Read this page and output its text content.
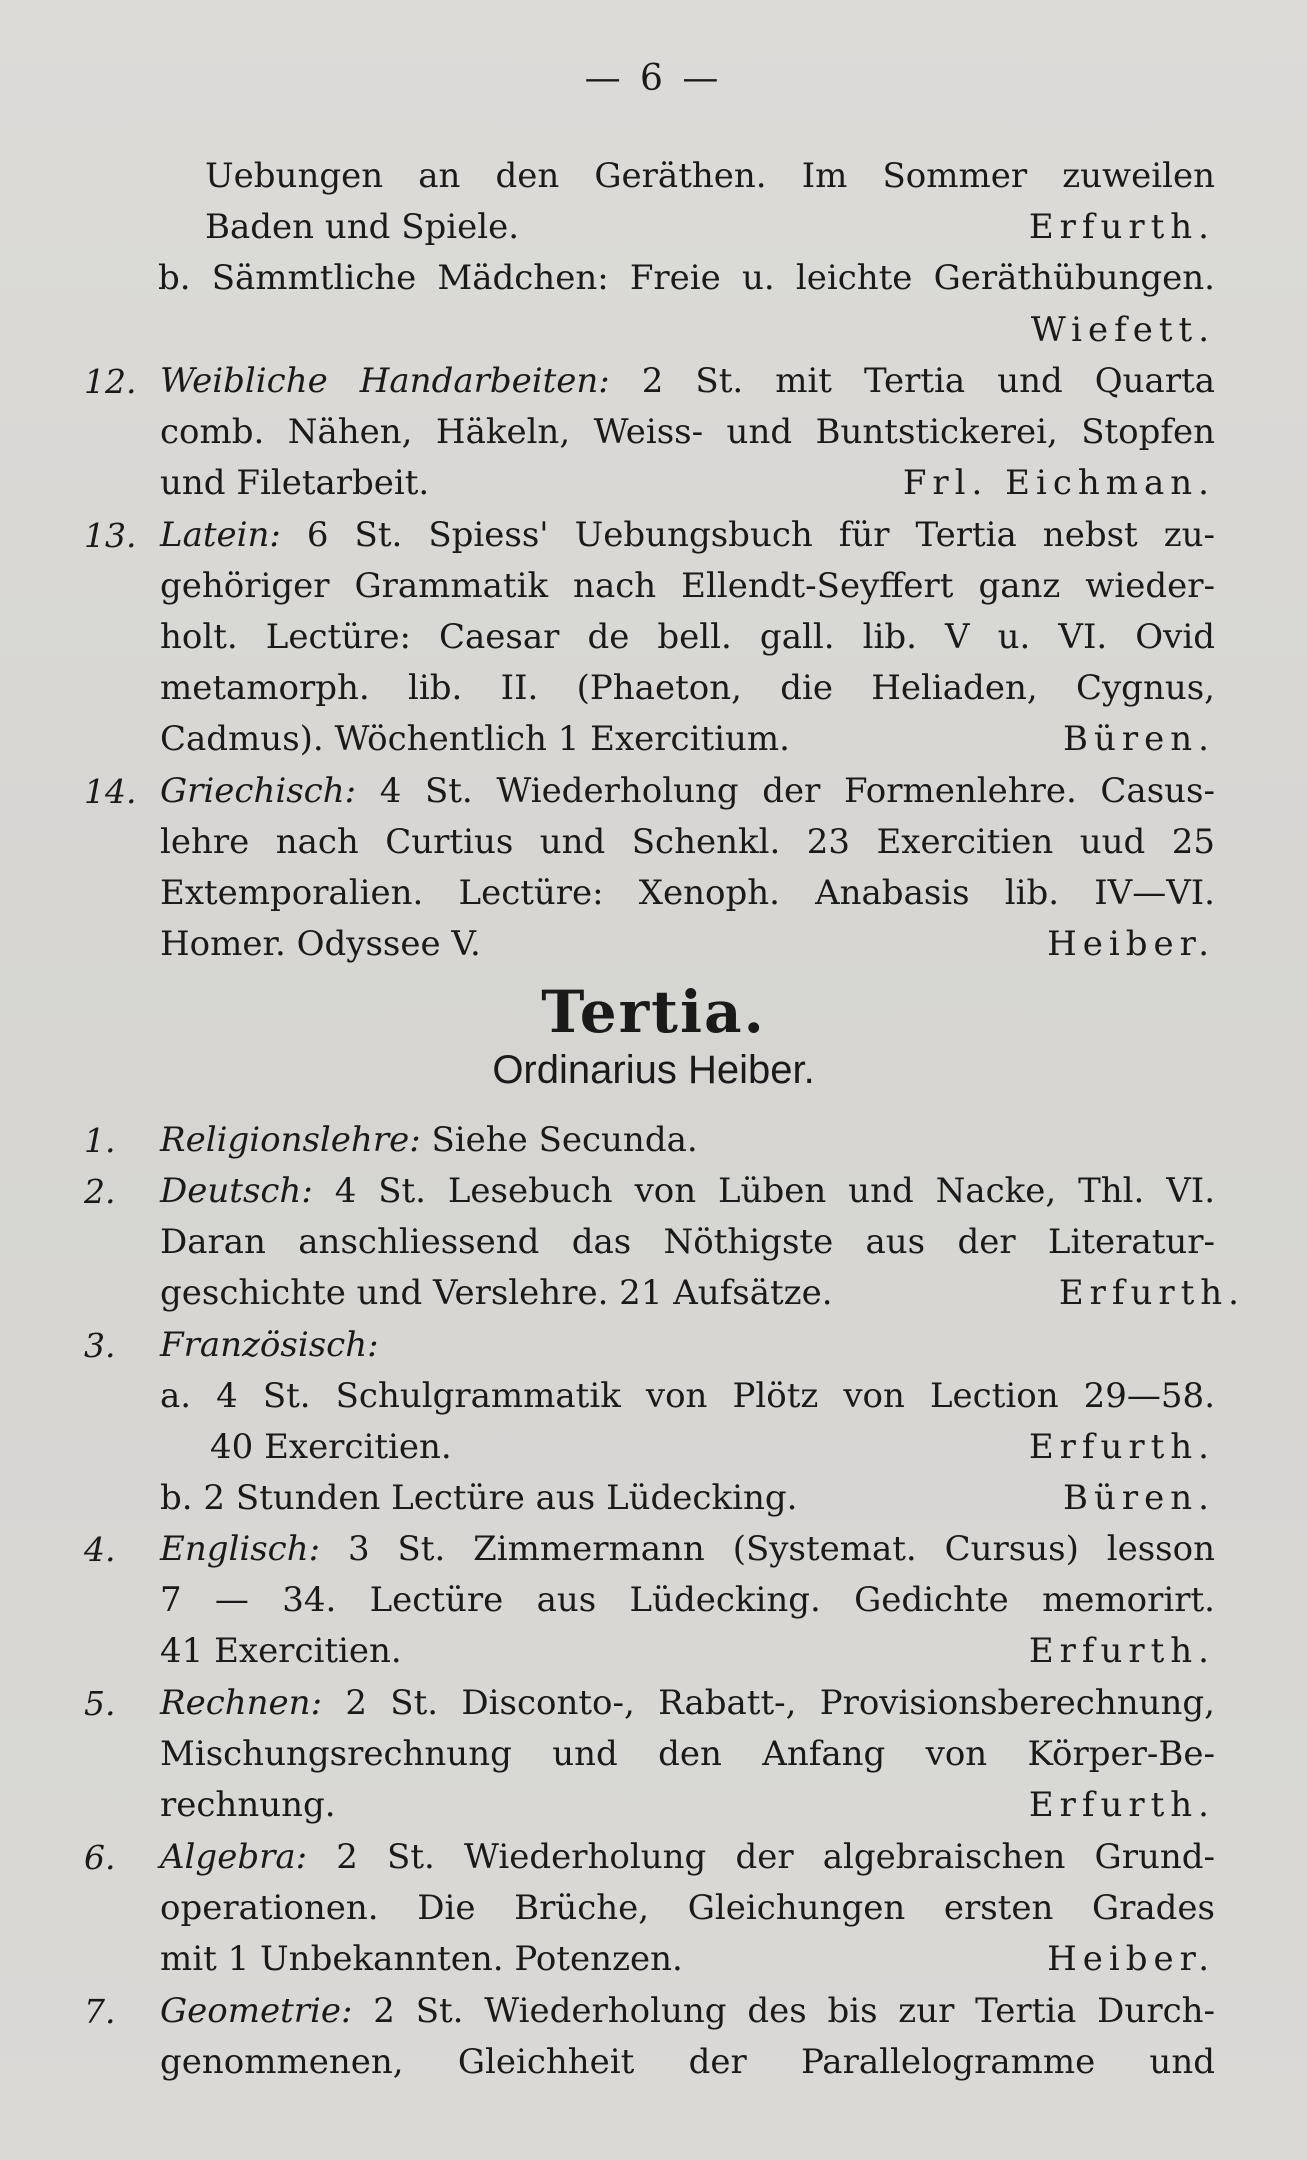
— 6 —
Uebungen an den Geräthen. Im Sommer zuweilen
Baden und Spiele.	Erfurth.
b. Sämmtliche Mädchen: Freie u. leichte Geräthübungen.
Wiefett.
12. Weibliche Handarbeiten: 2 St. mit Tertia und Quarta
comb. Nähen, Häkeln, Weiss- und Buntstickerei, Stopfen
und Filetarbeit.	Frl. Eichman.
13. Latein: 6 St. Spiess' Uebungsbuch für Tertia nebst zu-
gehöriger Grammatik nach Ellendt-Seyffert ganz wieder-
holt. Lectüre: Caesar de bell. gall. lib. V u. VI. Ovid
metamorph. lib. II. (Phaeton, die Heliaden, Cygnus,
Cadmus). Wöchentlich 1 Exercitium.	Büren.
14. Griechisch: 4 St. Wiederholung der Formenlehre. Casus-
lehre nach Curtius und Schenkl. 23 Exercitien uud 25
Extemporalien. Lectüre: Xenoph. Anabasis lib. IV—VI.
Homer. Odyssee V.	Heiber.
Tertia.
Ordinarius Heiber.
1. Religionslehre: Siehe Secunda.
2. Deutsch: 4 St. Lesebuch von Lüben und Nacke, Thl. VI.
Daran anschliessend das Nöthigste aus der Literatur-
geschichte und Verslehre. 21 Aufsätze.	Erfurth.
3. Französisch:
a. 4 St. Schulgrammatik von Plötz von Lection 29—58.
40 Exercitien.	Erfurth.
b. 2 Stunden Lectüre aus Lüdecking.	Büren.
4. Englisch: 3 St. Zimmermann (Systemat. Cursus) lesson
7 — 34. Lectüre aus Lüdecking. Gedichte memorirt.
41 Exercitien.	Erfurth.
5. Rechnen: 2 St. Disconto-, Rabatt-, Provisionsberechnung,
Mischungsrechnung und den Anfang von Körper-Be-
rechnung.	Erfurth.
6. Algebra: 2 St. Wiederholung der algebraischen Grund-
operationen. Die Brüche, Gleichungen ersten Grades
mit 1 Unbekannten. Potenzen.	Heiber.
7. Geometrie: 2 St. Wiederholung des bis zur Tertia Durch-
genommenen, Gleichheit der Parallelogramme und
